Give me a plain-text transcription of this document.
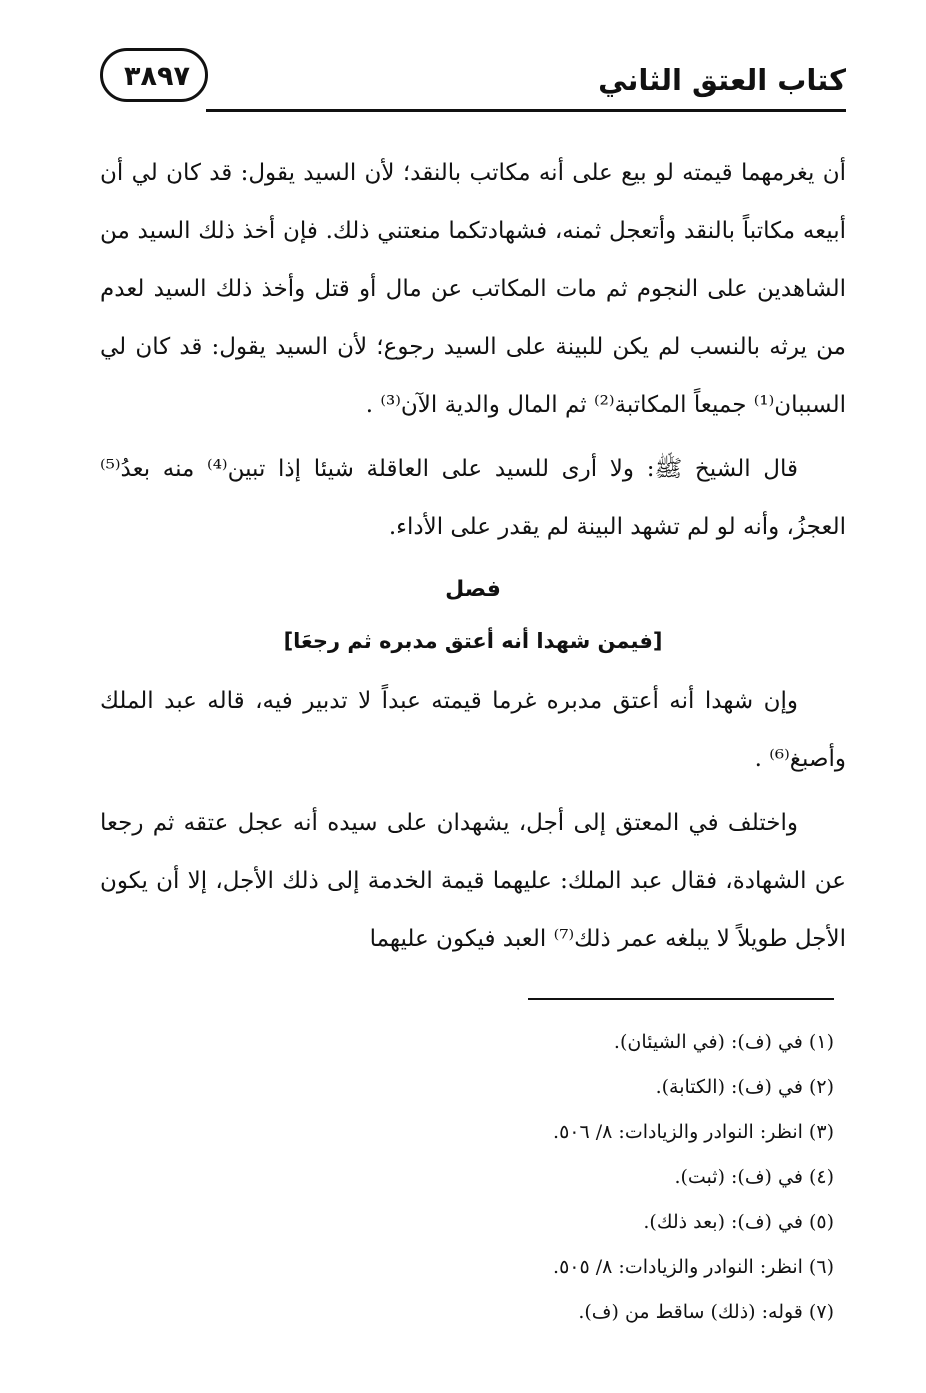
كتاب العتق الثاني
٣٨٩٧

أن يغرمهما قيمته لو بيع على أنه مكاتب بالنقد؛ لأن السيد يقول: قد كان لي أن أبيعه مكاتباً بالنقد وأتعجل ثمنه، فشهادتكما منعتني ذلك. فإن أخذ ذلك السيد من الشاهدين على النجوم ثم مات المكاتب عن مال أو قتل وأخذ ذلك السيد لعدم من يرثه بالنسب لم يكن للبينة على السيد رجوع؛ لأن السيد يقول: قد كان لي السببان⁽¹⁾ جميعاً المكاتبة⁽²⁾ ثم المال والدية الآن⁽³⁾ .

قال الشيخ ﷺ: ولا أرى للسيد على العاقلة شيئا إذا تبين⁽⁴⁾ منه بعدُ⁽⁵⁾ العجزُ، وأنه لو لم تشهد البينة لم يقدر على الأداء.

فصل
[فيمن شهدا أنه أعتق مدبره ثم رجعَا]

وإن شهدا أنه أعتق مدبره غرما قيمته عبداً لا تدبير فيه، قاله عبد الملك وأصبغ⁽⁶⁾ .

واختلف في المعتق إلى أجل، يشهدان على سيده أنه عجل عتقه ثم رجعا عن الشهادة، فقال عبد الملك: عليهما قيمة الخدمة إلى ذلك الأجل، إلا أن يكون الأجل طويلاً لا يبلغه عمر ذلك⁽⁷⁾ العبد فيكون عليهما

(١) في (ف): (في الشيئان).
(٢) في (ف): (الكتابة).
(٣) انظر: النوادر والزيادات: ٨/ ٥٠٦.
(٤) في (ف): (ثبت).
(٥) في (ف): (بعد ذلك).
(٦) انظر: النوادر والزيادات: ٨/ ٥٠٥.
(٧) قوله: (ذلك) ساقط من (ف).
